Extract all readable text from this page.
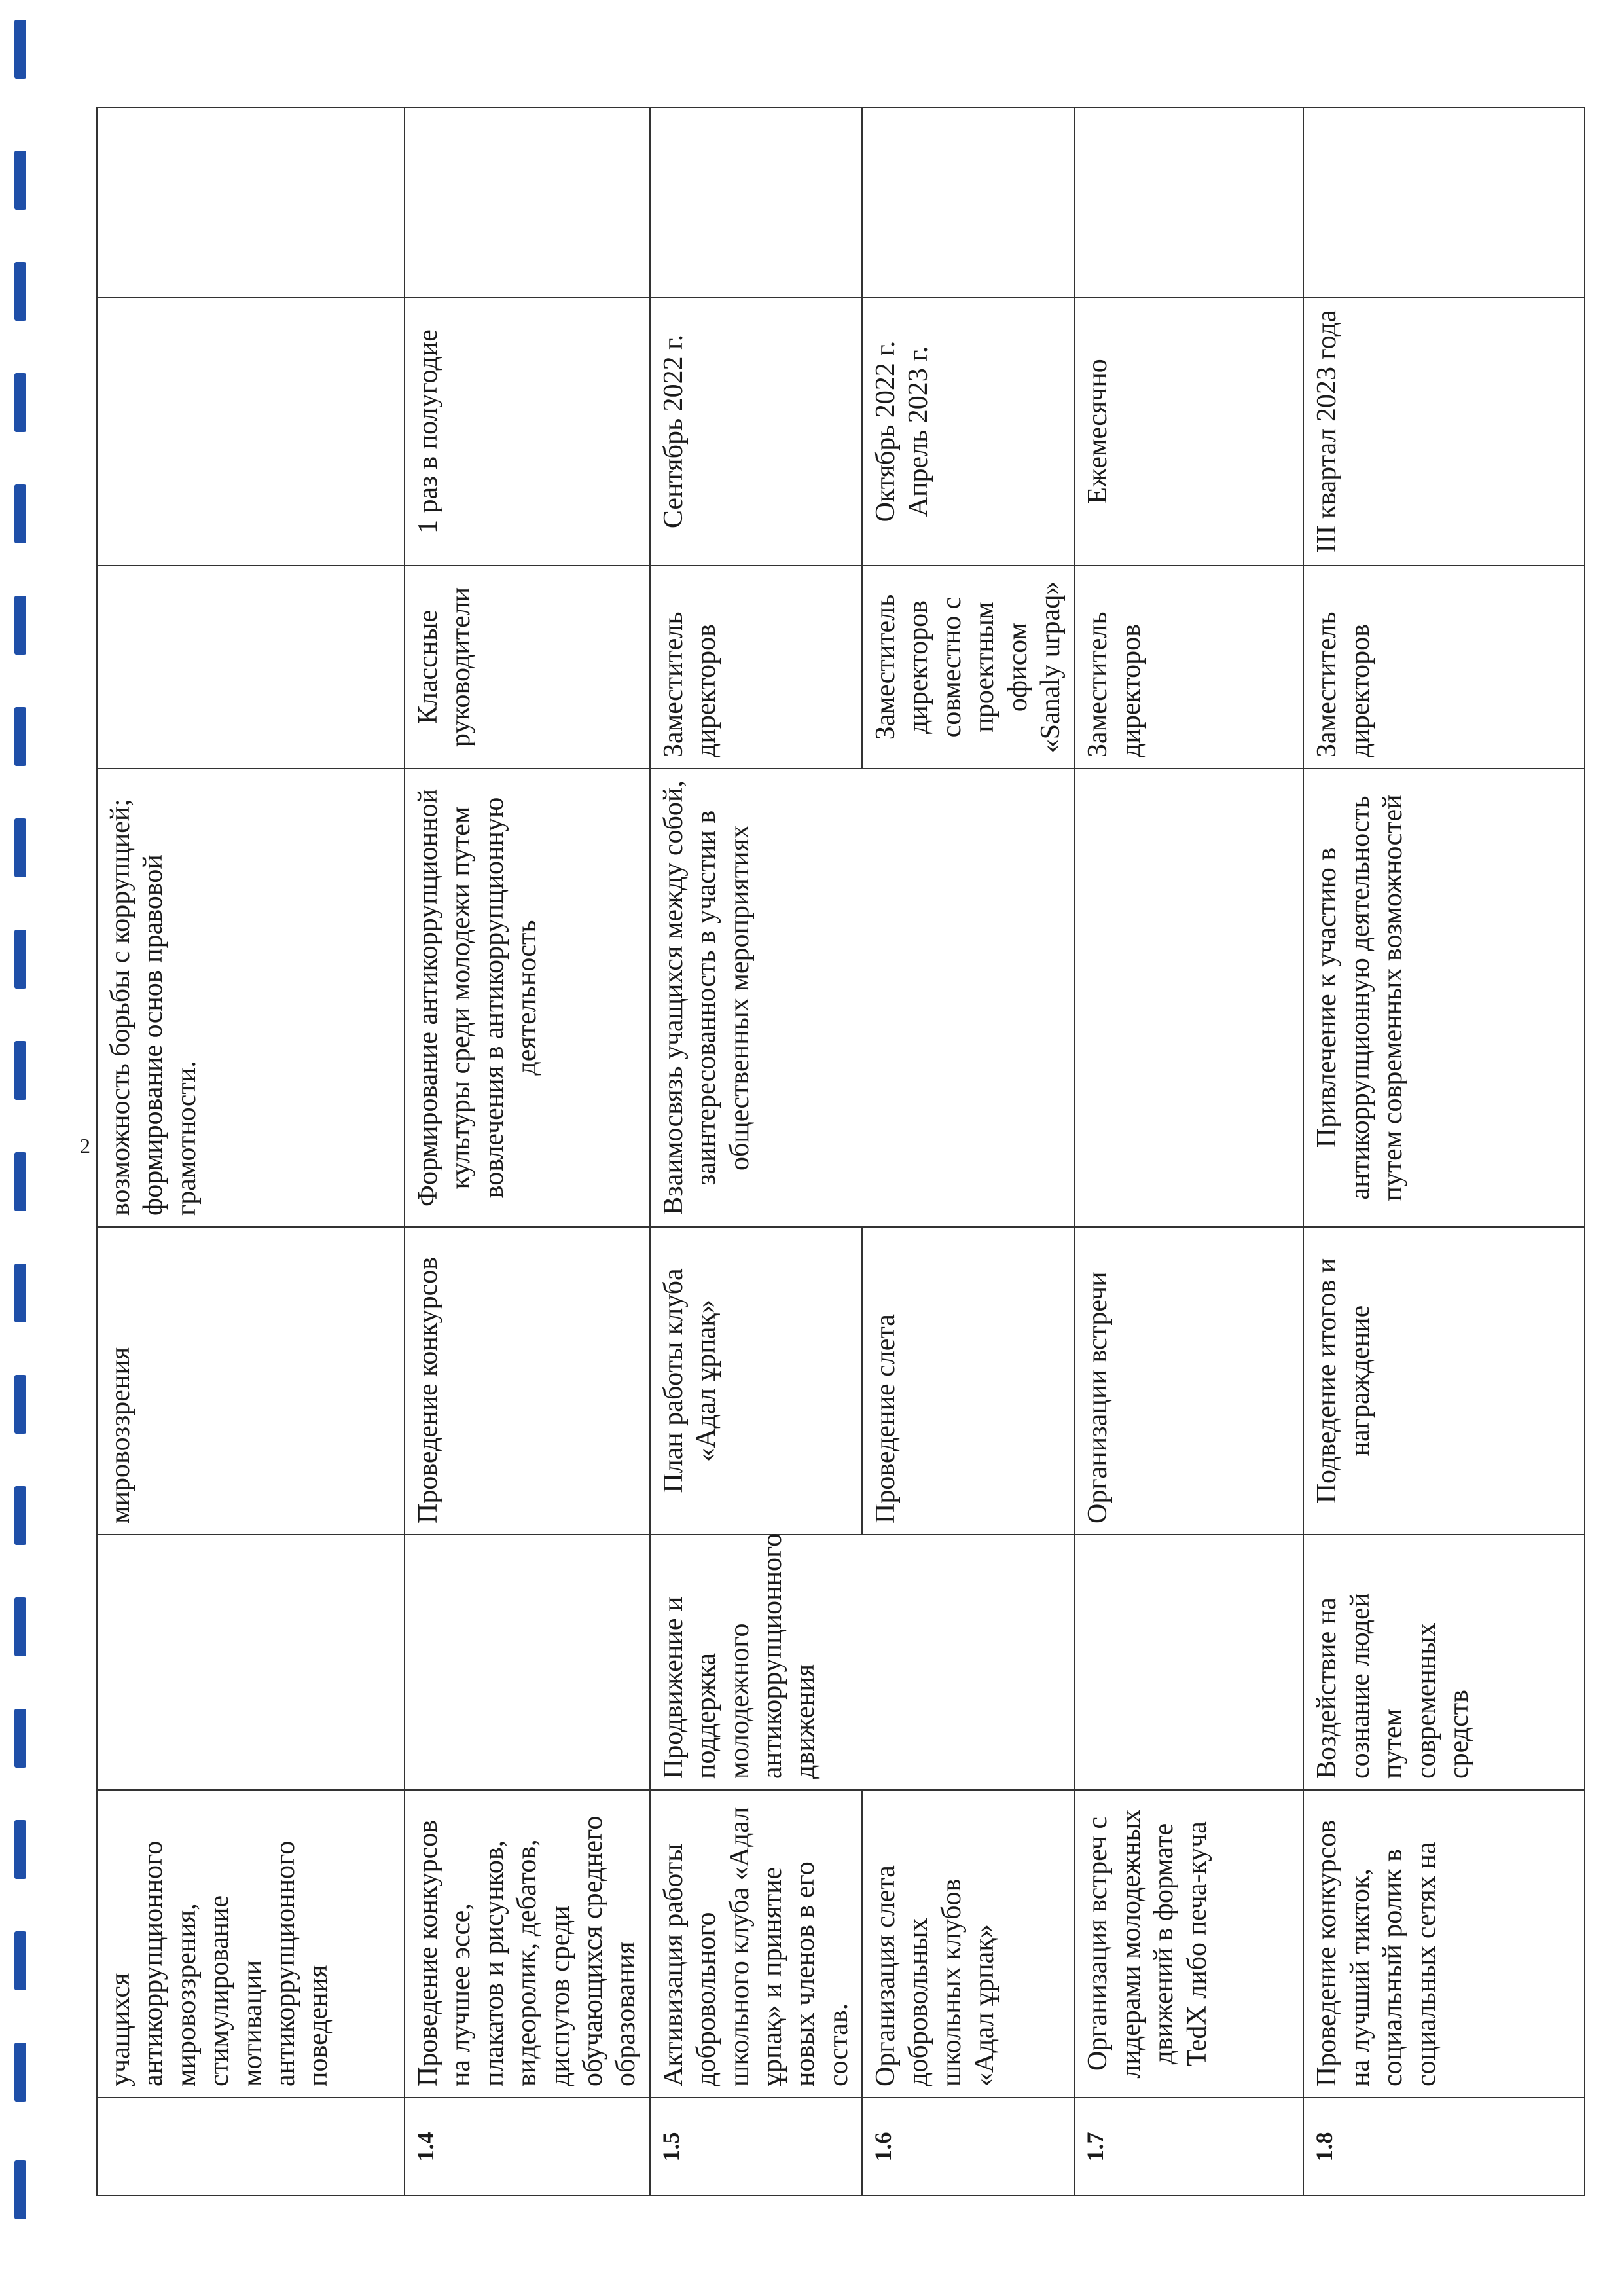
2
	учащихся антикоррупционного мировоззрения, стимулирование мотивации антикоррупционного поведения		мировоззрения	возможность борьбы с коррупцией; формирование основ правовой грамотности.			
1.4	Проведение конкурсов на лучшее эссе, плакатов и рисунков, видеоролик, дебатов, диспутов среди обучающихся среднего образования		Проведение конкурсов	Формирование антикоррупционной культуры среди молодежи путем вовлечения в антикоррупционную деятельность	Классные руководители	1 раз в полугодие	
1.5	Активизация работы добровольного школьного клуба «Адал ұрпақ» и принятие новых членов в его состав.	Продвижение и поддержка молодежного антикоррупционного движения	План работы клуба «Адал ұрпақ»	Взаимосвязь учащихся между собой, заинтересованность в участии в общественных мероприятиях	Заместитель директоров	Сентябрь 2022 г.	
1.6	Организация слета добровольных школьных клубов «Адал ұрпақ»		Проведение слета		Заместитель директоров совместно с проектным офисом «Sanaly urpaq»	Октябрь 2022 г. Апрель 2023 г.	
1.7	Организация встреч с лидерами молодежных движений в формате TedX либо печа-куча		Организации встречи		Заместитель директоров	Ежемесячно	
1.8	Проведение конкурсов на лучший тикток, социальный ролик в социальных сетях на	Воздействие на сознание людей путем современных средств	Подведение итогов и награждение	Привлечение к участию в антикоррупционную деятельность путем современных возможностей	Заместитель директоров	III квартал 2023 года	
